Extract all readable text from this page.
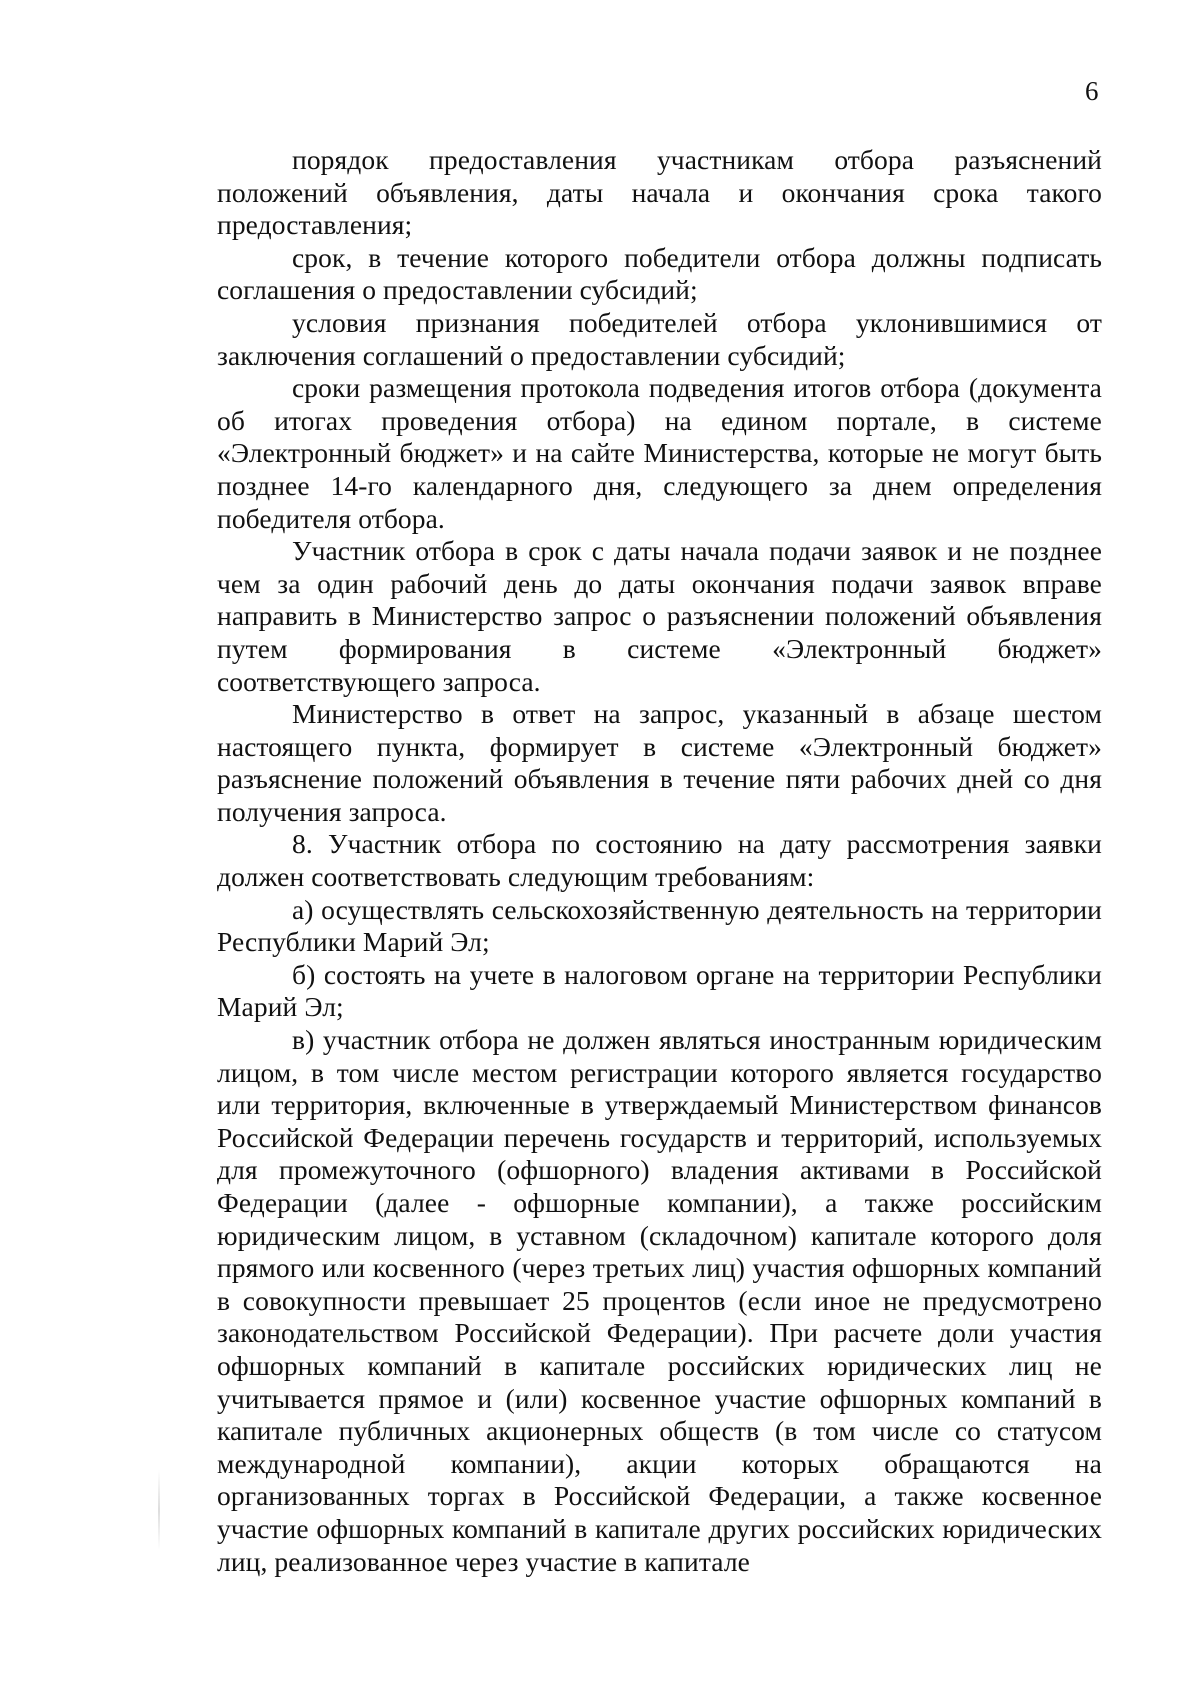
6

порядок предоставления участникам отбора разъяснений положений объявления, даты начала и окончания срока такого предоставления;

срок, в течение которого победители отбора должны подписать соглашения о предоставлении субсидий;

условия признания победителей отбора уклонившимися от заключения соглашений о предоставлении субсидий;

сроки размещения протокола подведения итогов отбора (документа об итогах проведения отбора) на едином портале, в системе «Электронный бюджет» и на сайте Министерства, которые не могут быть позднее 14-го календарного дня, следующего за днем определения победителя отбора.

Участник отбора в срок с даты начала подачи заявок и не позднее чем за один рабочий день до даты окончания подачи заявок вправе направить в Министерство запрос о разъяснении положений объявления путем формирования в системе «Электронный бюджет» соответствующего запроса.

Министерство в ответ на запрос, указанный в абзаце шестом настоящего пункта, формирует в системе «Электронный бюджет» разъяснение положений объявления в течение пяти рабочих дней со дня получения запроса.

8. Участник отбора по состоянию на дату рассмотрения заявки должен соответствовать следующим требованиям:

а) осуществлять сельскохозяйственную деятельность на территории Республики Марий Эл;

б) состоять на учете в налоговом органе на территории Республики Марий Эл;

в) участник отбора не должен являться иностранным юридическим лицом, в том числе местом регистрации которого является государство или территория, включенные в утверждаемый Министерством финансов Российской Федерации перечень государств и территорий, используемых для промежуточного (офшорного) владения активами в Российской Федерации (далее - офшорные компании), а также российским юридическим лицом, в уставном (складочном) капитале которого доля прямого или косвенного (через третьих лиц) участия офшорных компаний в совокупности превышает 25 процентов (если иное не предусмотрено законодательством Российской Федерации). При расчете доли участия офшорных компаний в капитале российских юридических лиц не учитывается прямое и (или) косвенное участие офшорных компаний в капитале публичных акционерных обществ (в том числе со статусом международной компании), акции которых обращаются на организованных торгах в Российской Федерации, а также косвенное участие офшорных компаний в капитале других российских юридических лиц, реализованное через участие в капитале
